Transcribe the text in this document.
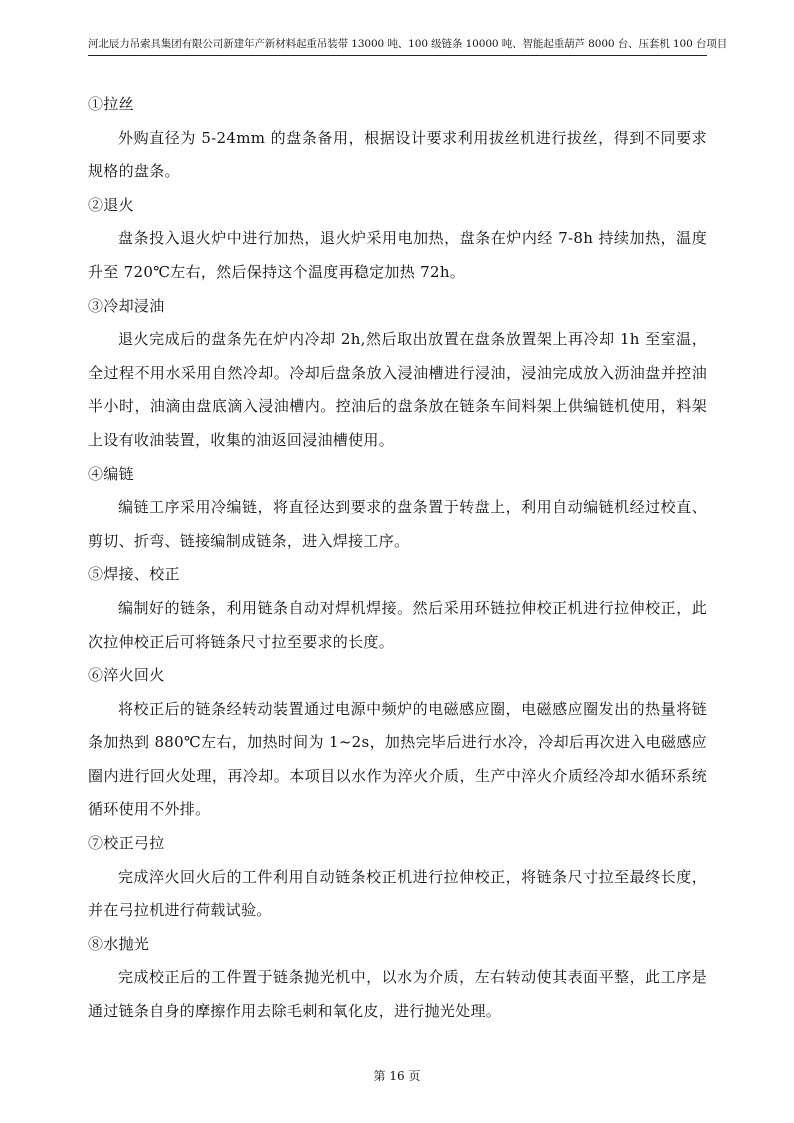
河北辰力吊索具集团有限公司新建年产新材料起重吊装带 13000 吨、100 级链条 10000 吨、智能起重葫芦 8000 台、压套机 100 台项目

①拉丝

外购直径为 5-24mm 的盘条备用，根据设计要求利用拔丝机进行拔丝，得到不同要求规格的盘条。

②退火

盘条投入退火炉中进行加热，退火炉采用电加热，盘条在炉内经 7-8h 持续加热，温度升至 720℃左右，然后保持这个温度再稳定加热 72h。

③冷却浸油

退火完成后的盘条先在炉内冷却 2h,然后取出放置在盘条放置架上再冷却 1h 至室温，全过程不用水采用自然冷却。冷却后盘条放入浸油槽进行浸油，浸油完成放入沥油盘并控油半小时，油滴由盘底滴入浸油槽内。控油后的盘条放在链条车间料架上供编链机使用，料架上设有收油装置，收集的油返回浸油槽使用。

④编链

编链工序采用冷编链，将直径达到要求的盘条置于转盘上，利用自动编链机经过校直、剪切、折弯、链接编制成链条，进入焊接工序。

⑤焊接、校正

编制好的链条，利用链条自动对焊机焊接。然后采用环链拉伸校正机进行拉伸校正，此次拉伸校正后可将链条尺寸拉至要求的长度。

⑥淬火回火

将校正后的链条经转动装置通过电源中频炉的电磁感应圈，电磁感应圈发出的热量将链条加热到 880℃左右，加热时间为 1~2s，加热完毕后进行水冷，冷却后再次进入电磁感应圈内进行回火处理，再冷却。本项目以水作为淬火介质，生产中淬火介质经冷却水循环系统循环使用不外排。

⑦校正弓拉

完成淬火回火后的工件利用自动链条校正机进行拉伸校正，将链条尺寸拉至最终长度，并在弓拉机进行荷载试验。

⑧水抛光

完成校正后的工件置于链条抛光机中，以水为介质，左右转动使其表面平整，此工序是通过链条自身的摩擦作用去除毛刺和氧化皮，进行抛光处理。

第 16 页
